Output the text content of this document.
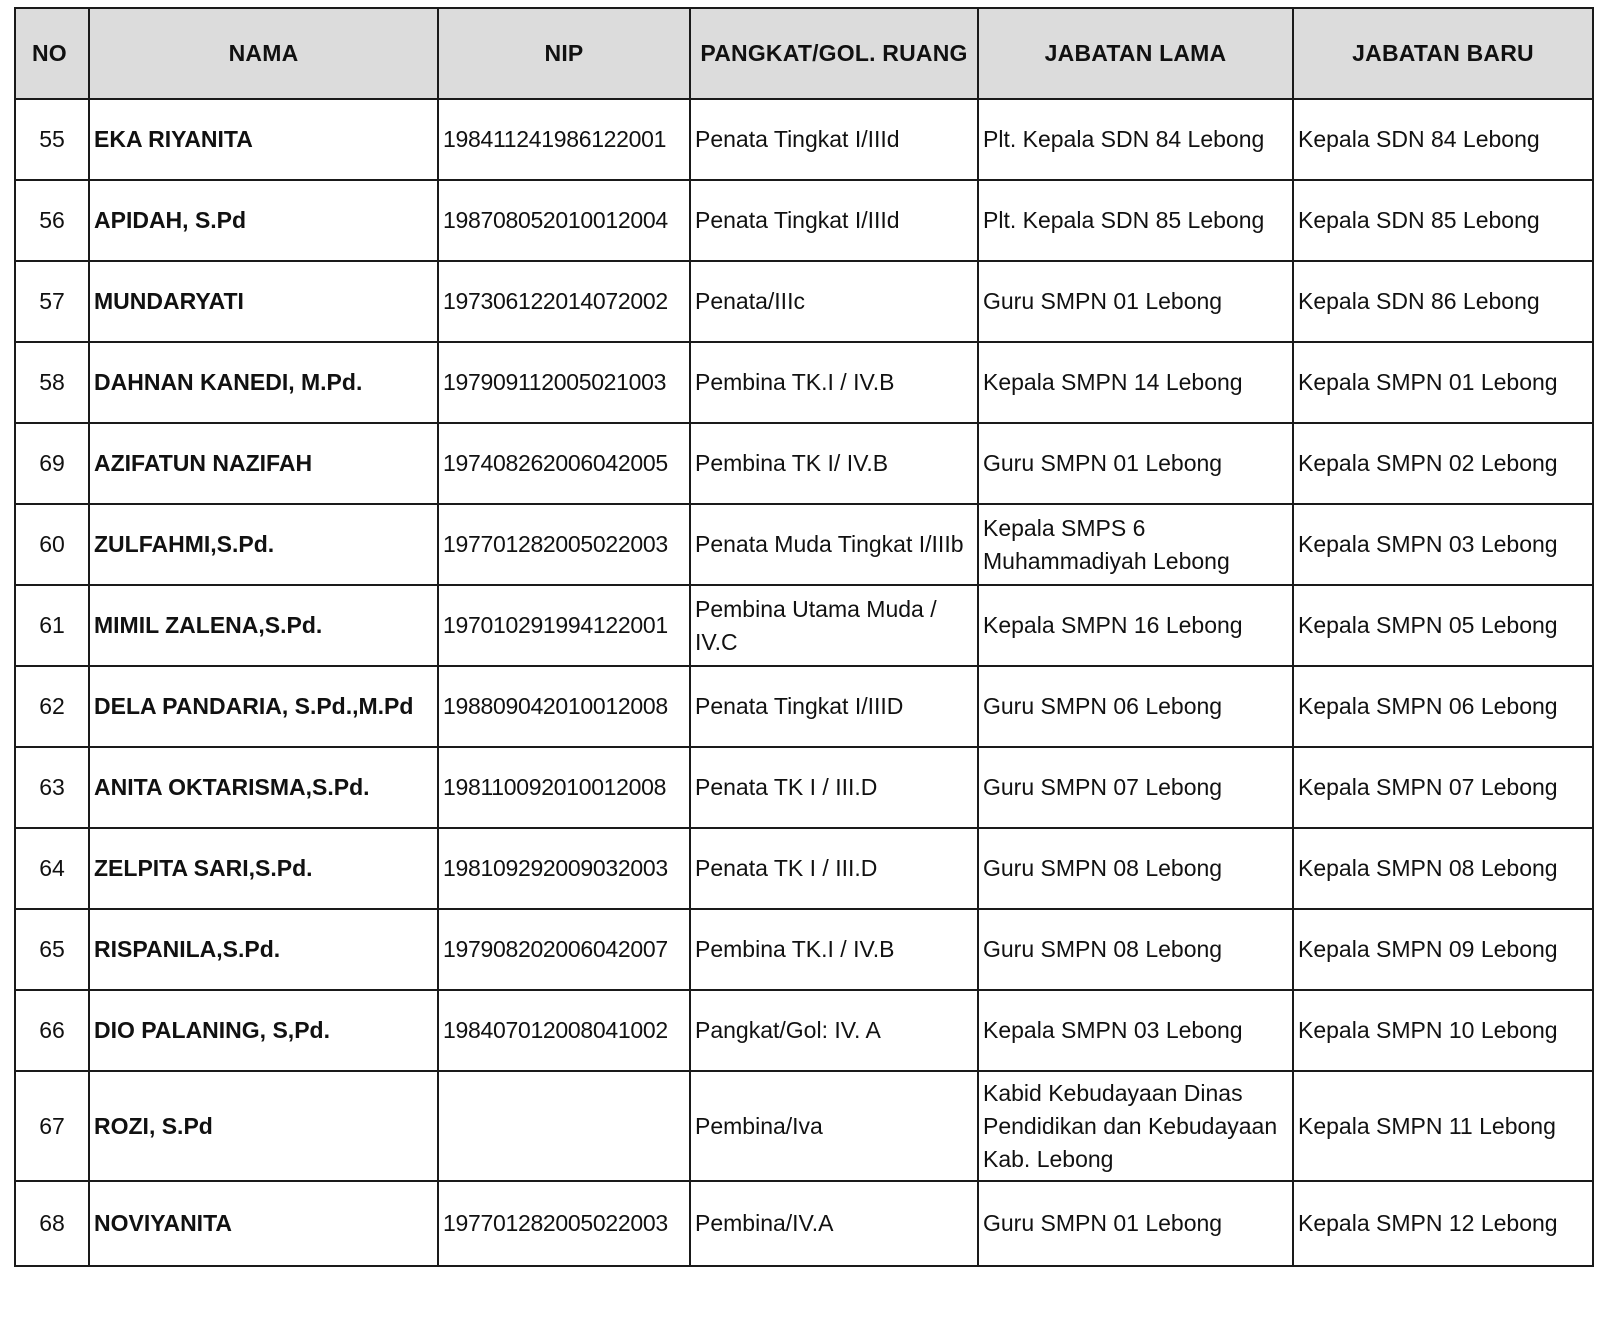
NO	NAMA	NIP	PANGKAT/GOL. RUANG	JABATAN LAMA	JABATAN BARU
55	EKA RIYANITA	198411241986122001	Penata Tingkat I/IIId	Plt. Kepala SDN 84 Lebong	Kepala SDN 84 Lebong
56	APIDAH, S.Pd	198708052010012004	Penata Tingkat I/IIId	Plt. Kepala SDN 85 Lebong	Kepala SDN 85 Lebong
57	MUNDARYATI	197306122014072002	Penata/IIIc	Guru SMPN 01 Lebong	Kepala SDN 86 Lebong
58	DAHNAN KANEDI, M.Pd.	197909112005021003	Pembina TK.I / IV.B	Kepala SMPN 14 Lebong	Kepala SMPN 01 Lebong
69	AZIFATUN NAZIFAH	197408262006042005	Pembina TK I/ IV.B	Guru SMPN 01 Lebong	Kepala SMPN 02 Lebong
60	ZULFAHMI,S.Pd.	197701282005022003	Penata Muda Tingkat I/IIIb	Kepala SMPS 6 Muhammadiyah Lebong	Kepala SMPN 03 Lebong
61	MIMIL ZALENA,S.Pd.	197010291994122001	Pembina Utama Muda / IV.C	Kepala SMPN 16 Lebong	Kepala SMPN 05 Lebong
62	DELA PANDARIA, S.Pd.,M.Pd	198809042010012008	Penata Tingkat I/IIID	Guru SMPN 06 Lebong	Kepala SMPN 06 Lebong
63	ANITA OKTARISMA,S.Pd.	198110092010012008	Penata TK I / III.D	Guru SMPN 07 Lebong	Kepala SMPN 07 Lebong
64	ZELPITA SARI,S.Pd.	198109292009032003	Penata TK I / III.D	Guru SMPN 08 Lebong	Kepala SMPN 08 Lebong
65	RISPANILA,S.Pd.	197908202006042007	Pembina TK.I / IV.B	Guru SMPN 08 Lebong	Kepala SMPN 09 Lebong
66	DIO PALANING, S,Pd.	198407012008041002	Pangkat/Gol: IV. A	Kepala SMPN 03 Lebong	Kepala SMPN 10 Lebong
67	ROZI, S.Pd		Pembina/Iva	Kabid Kebudayaan Dinas Pendidikan dan Kebudayaan Kab. Lebong	Kepala SMPN 11 Lebong
68	NOVIYANITA	197701282005022003	Pembina/IV.A	Guru SMPN 01 Lebong	Kepala SMPN 12 Lebong
